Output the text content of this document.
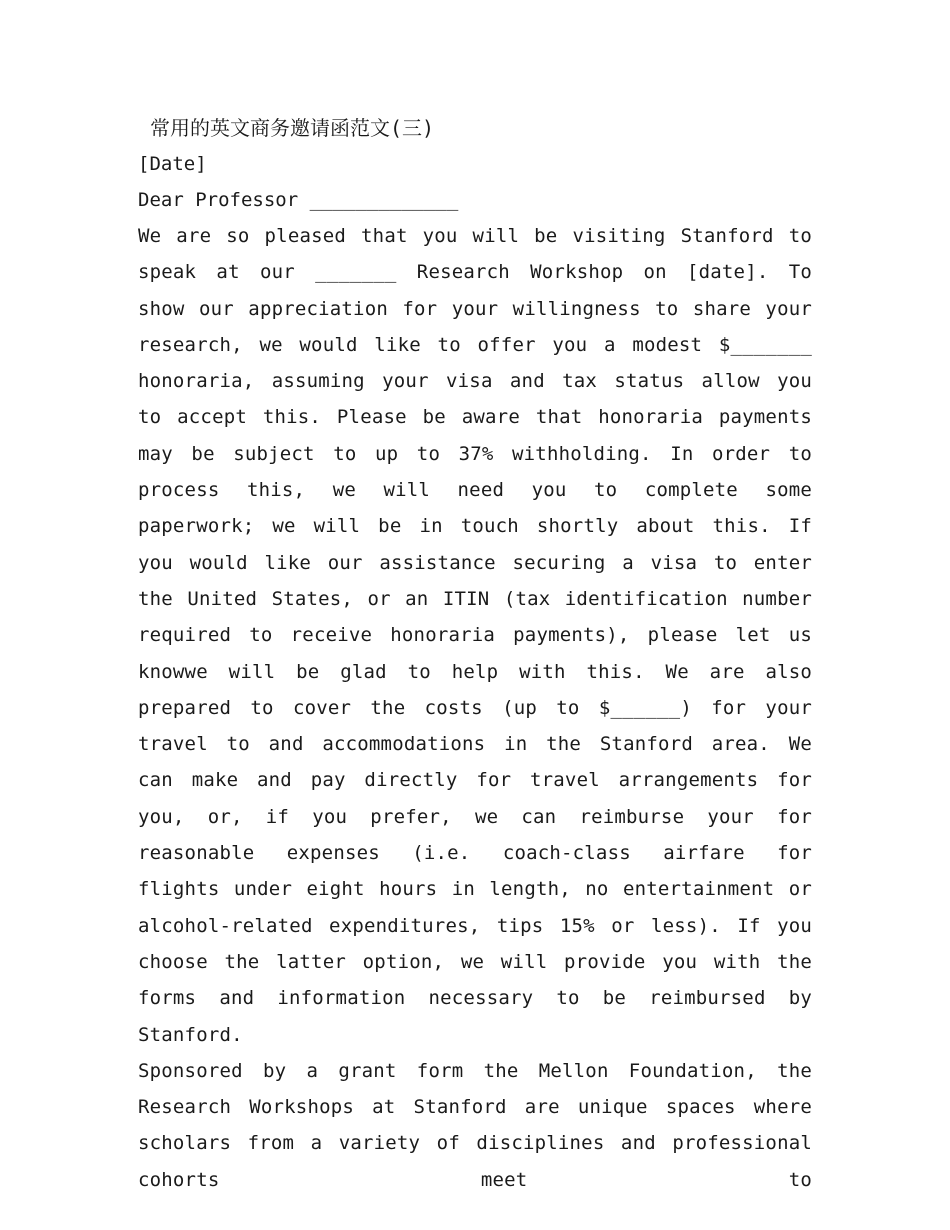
常用的英文商务邀请函范文(三)

[Date]

Dear Professor _____________

We are so pleased that you will be visiting Stanford to speak at our _______ Research Workshop on [date]. To show our appreciation for your willingness to share your research, we would like to offer you a modest $_______ honoraria, assuming your visa and tax status allow you to accept this. Please be aware that honoraria payments may be subject to up to 37% withholding. In order to process this, we will need you to complete some paperwork; we will be in touch shortly about this. If you would like our assistance securing a visa to enter the United States, or an ITIN (tax identification number required to receive honoraria payments), please let us knowwe will be glad to help with this. We are also prepared to cover the costs (up to $______) for your travel to and accommodations in the Stanford area. We can make and pay directly for travel arrangements for you, or, if you prefer, we can reimburse your for reasonable expenses (i.e. coach-class airfare for flights under eight hours in length, no entertainment or alcohol-related expenditures, tips 15% or less). If you choose the latter option, we will provide you with the forms and information necessary to be reimbursed by Stanford.

Sponsored by a grant form the Mellon Foundation, the Research Workshops at Stanford are unique spaces where scholars from a variety of disciplines and professional cohorts meet to
